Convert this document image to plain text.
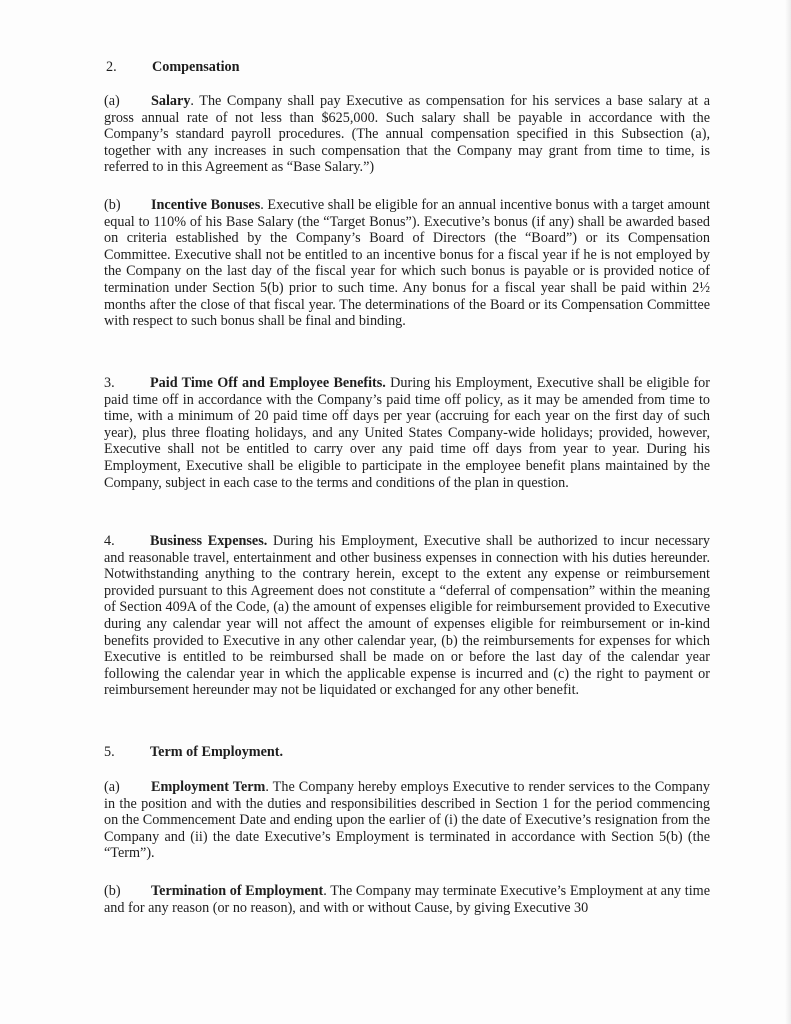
2. Compensation
(a) Salary. The Company shall pay Executive as compensation for his services a base salary at a gross annual rate of not less than $625,000. Such salary shall be payable in accordance with the Company’s standard payroll procedures. (The annual compensation specified in this Subsection (a), together with any increases in such compensation that the Company may grant from time to time, is referred to in this Agreement as “Base Salary.”)
(b) Incentive Bonuses. Executive shall be eligible for an annual incentive bonus with a target amount equal to 110% of his Base Salary (the “Target Bonus”). Executive’s bonus (if any) shall be awarded based on criteria established by the Company’s Board of Directors (the “Board”) or its Compensation Committee. Executive shall not be entitled to an incentive bonus for a fiscal year if he is not employed by the Company on the last day of the fiscal year for which such bonus is payable or is provided notice of termination under Section 5(b) prior to such time. Any bonus for a fiscal year shall be paid within 2½ months after the close of that fiscal year. The determinations of the Board or its Compensation Committee with respect to such bonus shall be final and binding.
3. Paid Time Off and Employee Benefits. During his Employment, Executive shall be eligible for paid time off in accordance with the Company’s paid time off policy, as it may be amended from time to time, with a minimum of 20 paid time off days per year (accruing for each year on the first day of such year), plus three floating holidays, and any United States Company-wide holidays; provided, however, Executive shall not be entitled to carry over any paid time off days from year to year. During his Employment, Executive shall be eligible to participate in the employee benefit plans maintained by the Company, subject in each case to the terms and conditions of the plan in question.
4. Business Expenses. During his Employment, Executive shall be authorized to incur necessary and reasonable travel, entertainment and other business expenses in connection with his duties hereunder. Notwithstanding anything to the contrary herein, except to the extent any expense or reimbursement provided pursuant to this Agreement does not constitute a “deferral of compensation” within the meaning of Section 409A of the Code, (a) the amount of expenses eligible for reimbursement provided to Executive during any calendar year will not affect the amount of expenses eligible for reimbursement or in-kind benefits provided to Executive in any other calendar year, (b) the reimbursements for expenses for which Executive is entitled to be reimbursed shall be made on or before the last day of the calendar year following the calendar year in which the applicable expense is incurred and (c) the right to payment or reimbursement hereunder may not be liquidated or exchanged for any other benefit.
5. Term of Employment.
(a) Employment Term. The Company hereby employs Executive to render services to the Company in the position and with the duties and responsibilities described in Section 1 for the period commencing on the Commencement Date and ending upon the earlier of (i) the date of Executive’s resignation from the Company and (ii) the date Executive’s Employment is terminated in accordance with Section 5(b) (the “Term”).
(b) Termination of Employment. The Company may terminate Executive’s Employment at any time and for any reason (or no reason), and with or without Cause, by giving Executive 30
